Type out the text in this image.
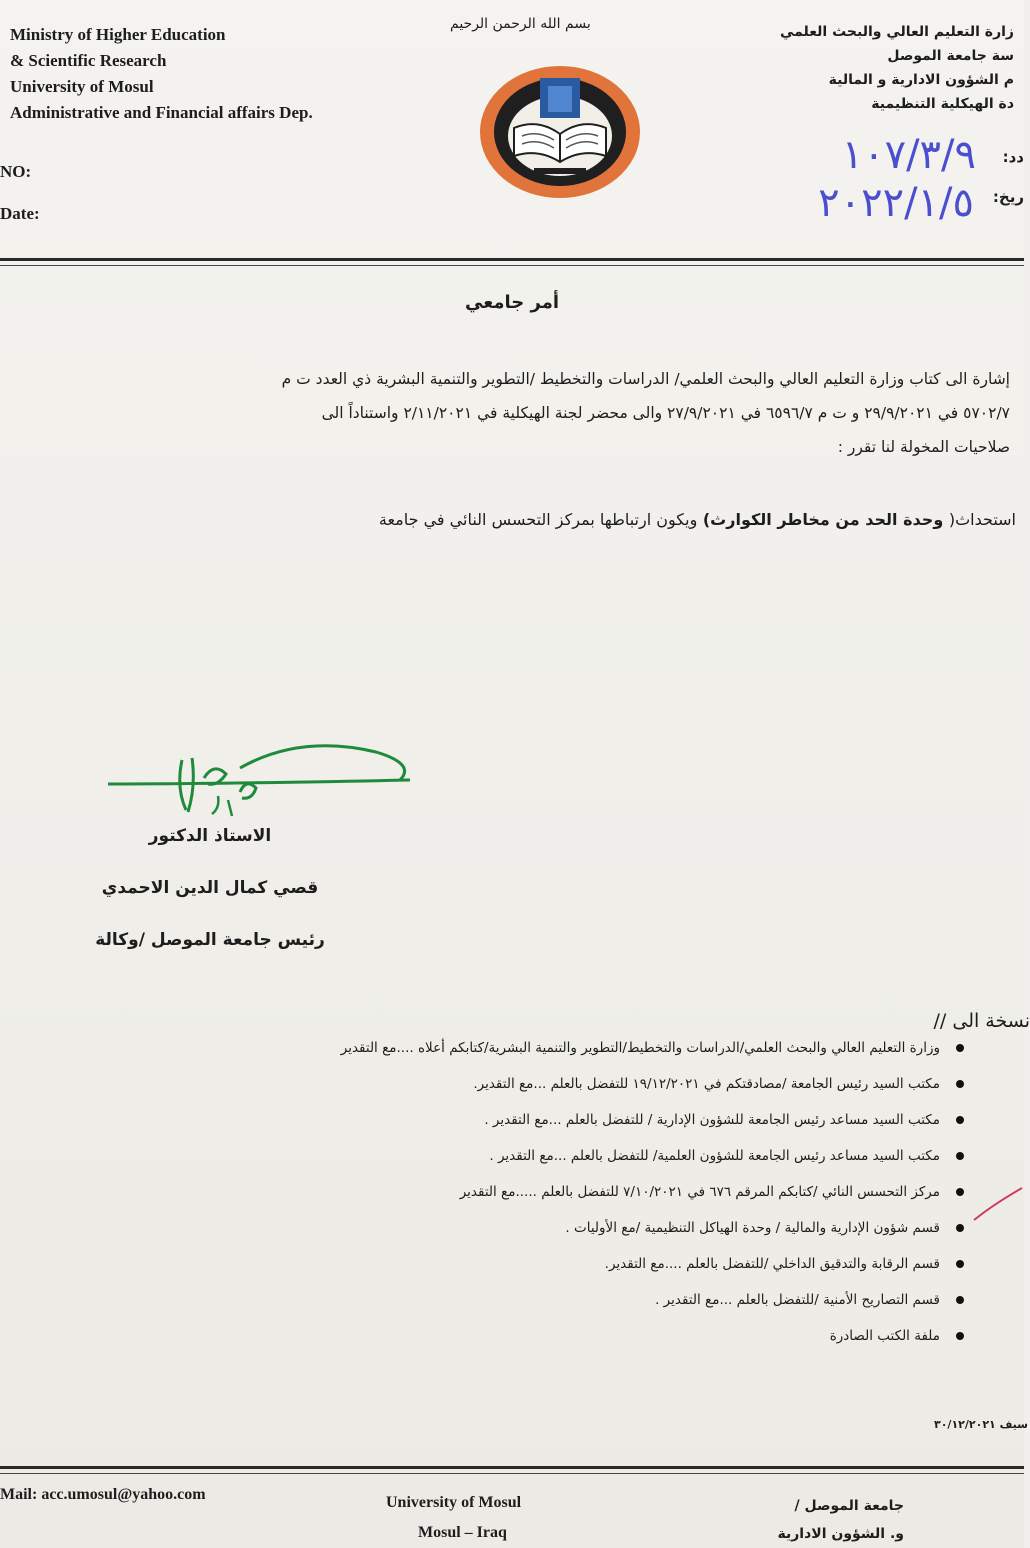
Ministry of Higher Education
& Scientific Research
University of Mosul
Administrative and Financial affairs Dep.
NO:
Date:
بسم الله الرحمن الرحيم	زارة التعليم العالي والبحث العلمي
سة جامعة الموصل
م الشؤون الادارية و المالية
دة الهيكلية التنظيمية
دد:
ريخ:
١٠٧/٣/٩
٢٠٢٢/١/٥
أمر جامعي
إشارة الى كتاب وزارة التعليم العالي والبحث العلمي/ الدراسات والتخطيط /التطوير والتنمية البشرية ذي العدد ت م
٥٧٠٢/٧ في ٢٩/٩/٢٠٢١ و ت م ٦٥٩٦/٧ في ٢٧/٩/٢٠٢١ والى محضر لجنة الهيكلية في ٢/١١/٢٠٢١ واستناداً الى
صلاحيات المخولة لنا تقرر :
استحداث( وحدة الحد من مخاطر الكوارث) ويكون ارتباطها بمركز التحسس النائي في جامعة
الاستاذ الدكتور
قصي كمال الدين الاحمدي
رئيس جامعة الموصل /وكالة
نسخة الى //
وزارة التعليم العالي والبحث العلمي/الدراسات والتخطيط/التطوير والتنمية البشرية/كتابكم أعلاه ....مع التقدير
مكتب السيد رئيس الجامعة /مصادقتكم في ١٩/١٢/٢٠٢١ للتفضل بالعلم ...مع التقدير.
مكتب السيد مساعد رئيس الجامعة للشؤون الإدارية / للتفضل بالعلم ...مع التقدير .
مكتب السيد مساعد رئيس الجامعة للشؤون العلمية/ للتفضل بالعلم ...مع التقدير .
مركز التحسس النائي /كتابكم المرقم ٦٧٦ في ٧/١٠/٢٠٢١ للتفضل بالعلم .....مع التقدير
قسم شؤون الإدارية والمالية / وحدة الهياكل التنظيمية /مع الأوليات .
قسم الرقابة والتدقيق الداخلي /للتفضل بالعلم ....مع التقدير.
قسم التصاريح الأمنية /للتفضل بالعلم ...مع التقدير .
ملفة الكتب الصادرة
سيف ٣٠/١٢/٢٠٢١
Mail: acc.umosul@yahoo.com	University of Mosul
Mosul – Iraq
جامعة الموصل /
و. الشؤون الادارية
